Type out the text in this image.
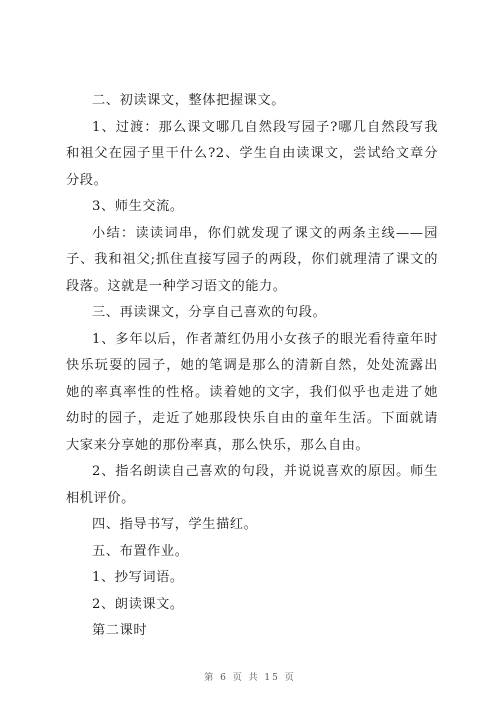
二、初读课文，整体把握课文。

1、过渡：那么课文哪几自然段写园子?哪几自然段写我和祖父在园子里干什么?2、学生自由读课文，尝试给文章分分段。

3、师生交流。

小结：读读词串，你们就发现了课文的两条主线——园子、我和祖父;抓住直接写园子的两段，你们就理清了课文的段落。这就是一种学习语文的能力。

三、再读课文，分享自己喜欢的句段。

1、多年以后，作者萧红仍用小女孩子的眼光看待童年时快乐玩耍的园子，她的笔调是那么的清新自然，处处流露出她的率真率性的性格。读着她的文字，我们似乎也走进了她幼时的园子，走近了她那段快乐自由的童年生活。下面就请大家来分享她的那份率真，那么快乐，那么自由。

2、指名朗读自己喜欢的句段，并说说喜欢的原因。师生相机评价。

四、指导书写，学生描红。

五、布置作业。

1、抄写词语。

2、朗读课文。

第二课时

第 6 页 共 15 页
